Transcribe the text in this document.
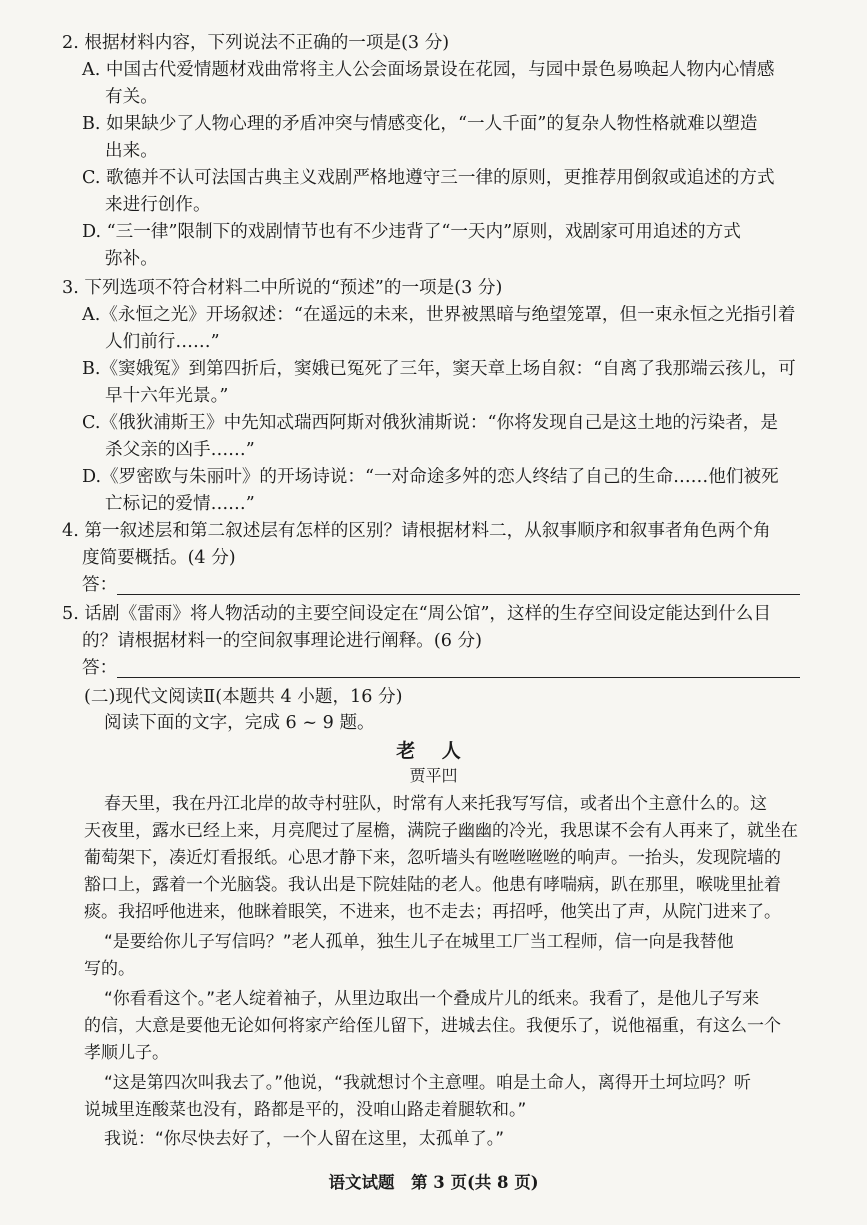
2. 根据材料内容，下列说法不正确的一项是(3 分)
A. 中国古代爱情题材戏曲常将主人公会面场景设在花园，与园中景色易唤起人物内心情感
有关。
B. 如果缺少了人物心理的矛盾冲突与情感变化，“一人千面”的复杂人物性格就难以塑造
出来。
C. 歌德并不认可法国古典主义戏剧严格地遵守三一律的原则，更推荐用倒叙或追述的方式
来进行创作。
D. “三一律”限制下的戏剧情节也有不少违背了“一天内”原则，戏剧家可用追述的方式
弥补。
3. 下列选项不符合材料二中所说的“预述”的一项是(3 分)
A.《永恒之光》开场叙述：“在遥远的未来，世界被黑暗与绝望笼罩，但一束永恒之光指引着
人们前行……”
B.《窦娥冤》到第四折后，窦娥已冤死了三年，窦天章上场自叙：“自离了我那端云孩儿，可
早十六年光景。”
C.《俄狄浦斯王》中先知忒瑞西阿斯对俄狄浦斯说：“你将发现自己是这土地的污染者，是
杀父亲的凶手……”
D.《罗密欧与朱丽叶》的开场诗说：“一对命途多舛的恋人终结了自己的生命……他们被死
亡标记的爱情……”
4. 第一叙述层和第二叙述层有怎样的区别？请根据材料二，从叙事顺序和叙事者角色两个角
度简要概括。(4 分)
答：
5. 话剧《雷雨》将人物活动的主要空间设定在“周公馆”，这样的生存空间设定能达到什么目
的？请根据材料一的空间叙事理论进行阐释。(6 分)
答：
(二)现代文阅读Ⅱ(本题共 4 小题，16 分)
阅读下面的文字，完成 6 ~ 9 题。
老 人
贾平凹
春天里，我在丹江北岸的故寺村驻队，时常有人来托我写写信，或者出个主意什么的。这
天夜里，露水已经上来，月亮爬过了屋檐，满院子幽幽的冷光，我思谋不会有人再来了，就坐在
葡萄架下，凑近灯看报纸。心思才静下来，忽听墙头有咝咝咝咝的响声。一抬头，发现院墙的
豁口上，露着一个光脑袋。我认出是下院娃陆的老人。他患有哮喘病，趴在那里，喉咙里扯着
痰。我招呼他进来，他眯着眼笑，不进来，也不走去；再招呼，他笑出了声，从院门进来了。
“是要给你儿子写信吗？”老人孤单，独生儿子在城里工厂当工程师，信一向是我替他
写的。
“你看看这个。”老人绽着袖子，从里边取出一个叠成片儿的纸来。我看了，是他儿子写来
的信，大意是要他无论如何将家产给侄儿留下，进城去住。我便乐了，说他福重，有这么一个
孝顺儿子。
“这是第四次叫我去了。”他说，“我就想讨个主意哩。咱是土命人，离得开土坷垃吗？听
说城里连酸菜也没有，路都是平的，没咱山路走着腿软和。”
我说：“你尽快去好了，一个人留在这里，太孤单了。”
语文试题　第 3 页(共 8 页)
